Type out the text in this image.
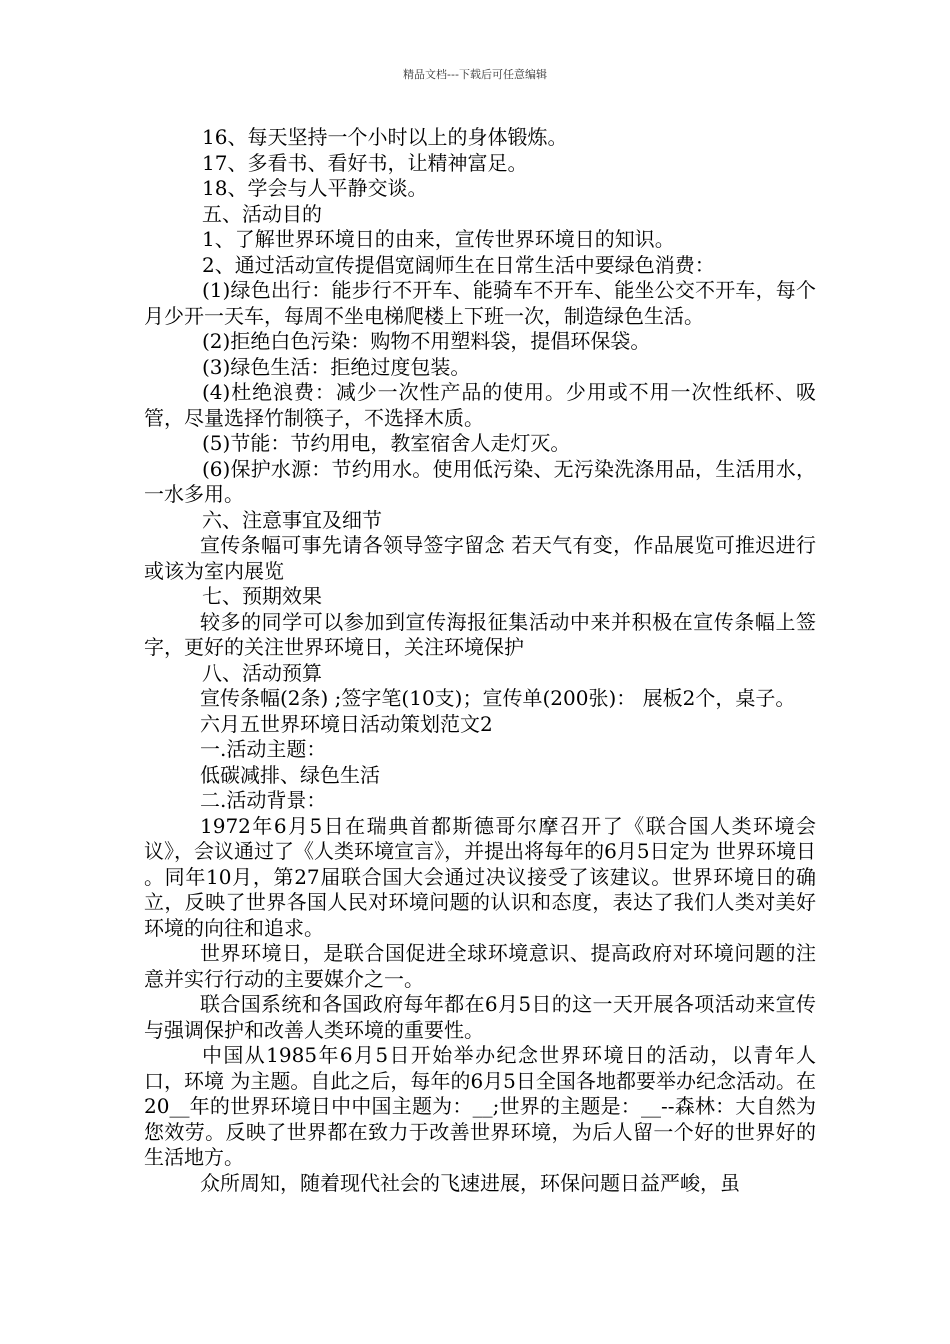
精品文档---下载后可任意编辑

16、每天坚持一个小时以上的身体锻炼。

17、多看书、看好书，让精神富足。

18、学会与人平静交谈。

五、活动目的

1、了解世界环境日的由来，宣传世界环境日的知识。

2、通过活动宣传提倡宽阔师生在日常生活中要绿色消费：

(1)绿色出行：能步行不开车、能骑车不开车、能坐公交不开车，每个月少开一天车，每周不坐电梯爬楼上下班一次，制造绿色生活。

(2)拒绝白色污染：购物不用塑料袋，提倡环保袋。

(3)绿色生活：拒绝过度包装。

(4)杜绝浪费：减少一次性产品的使用。少用或不用一次性纸杯、吸管，尽量选择竹制筷子，不选择木质。

(5)节能：节约用电，教室宿舍人走灯灭。

(6)保护水源：节约用水。使用低污染、无污染洗涤用品，生活用水，一水多用。

六、注意事宜及细节

宣传条幅可事先请各领导签字留念 若天气有变，作品展览可推迟进行或该为室内展览

七、预期效果

较多的同学可以参加到宣传海报征集活动中来并积极在宣传条幅上签字，更好的关注世界环境日，关注环境保护

八、活动预算

宣传条幅(2条) ;签字笔(10支)；宣传单(200张)： 展板2个，桌子。

六月五世界环境日活动策划范文2

一.活动主题：

低碳减排、绿色生活

二.活动背景：

1972年6月5日在瑞典首都斯德哥尔摩召开了《联合国人类环境会议》，会议通过了《人类环境宣言》，并提出将每年的6月5日定为 世界环境日 。同年10月，第27届联合国大会通过决议接受了该建议。世界环境日的确立，反映了世界各国人民对环境问题的认识和态度，表达了我们人类对美好环境的向往和追求。

世界环境日，是联合国促进全球环境意识、提高政府对环境问题的注意并实行行动的主要媒介之一。

联合国系统和各国政府每年都在6月5日的这一天开展各项活动来宣传与强调保护和改善人类环境的重要性。

中国从1985年6月5日开始举办纪念世界环境日的活动，以青年人口，环境 为主题。自此之后，每年的6月5日全国各地都要举办纪念活动。在20__年的世界环境日中中国主题为：__;世界的主题是：__--森林：大自然为您效劳。反映了世界都在致力于改善世界环境，为后人留一个好的世界好的生活地方。

众所周知，随着现代社会的飞速进展，环保问题日益严峻，虽
